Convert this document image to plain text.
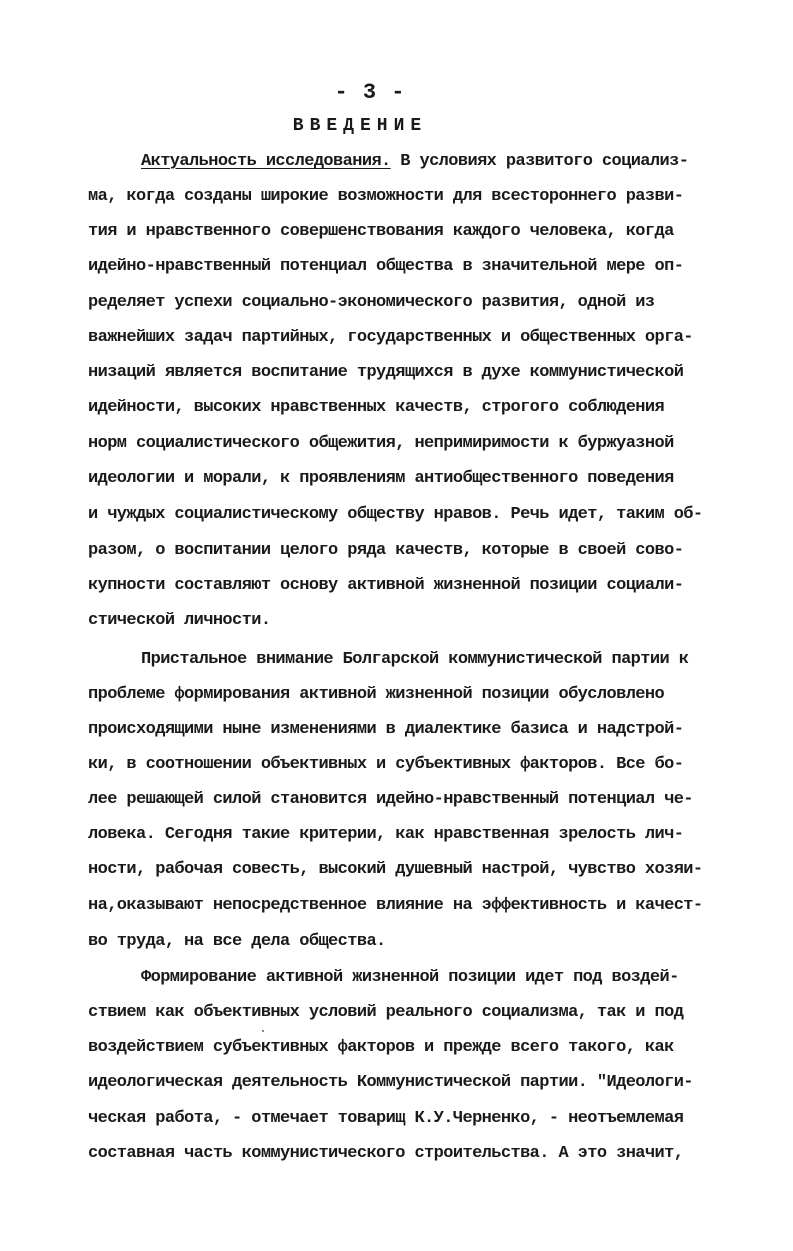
- 3 -
ВВЕДЕНИЕ
Актуальность исследования. В условиях развитого социализ-
ма, когда созданы широкие возможности для всестороннего разви-
тия и нравственного совершенствования каждого человека, когда
идейно-нравственный потенциал общества в значительной мере оп-
ределяет успехи социально-экономического развития, одной из
важнейших задач партийных, государственных и общественных орга-
низаций является воспитание трудящихся в духе коммунистической
идейности, высоких нравственных качеств, строгого соблюдения
норм социалистического общежития, непримиримости к буржуазной
идеологии и морали, к проявлениям антиобщественного поведения
и чуждых социалистическому обществу нравов. Речь идет, таким об-
разом, о воспитании целого ряда качеств, которые в своей сово-
купности составляют основу активной жизненной позиции социали-
стической личности.
Пристальное внимание Болгарской коммунистической партии к
проблеме формирования активной жизненной позиции обусловлено
происходящими ныне изменениями в диалектике базиса и надстрой-
ки, в соотношении объективных и субъективных факторов. Все бо-
лее решающей силой становится идейно-нравственный потенциал че-
ловека. Сегодня такие критерии, как нравственная зрелость лич-
ности, рабочая совесть, высокий душевный настрой, чувство хозяи-
на,оказывают непосредственное влияние на эффективность и качест-
во труда, на все дела общества.
Формирование активной жизненной позиции идет под воздей-
ствием как объективных условий реального социализма, так и под
воздействием субъективных факторов и прежде всего такого, как
идеологическая деятельность Коммунистической партии. "Идеологи-
ческая работа, - отмечает товарищ К.У.Черненко, - неотъемлемая
составная часть коммунистического строительства. А это значит,
